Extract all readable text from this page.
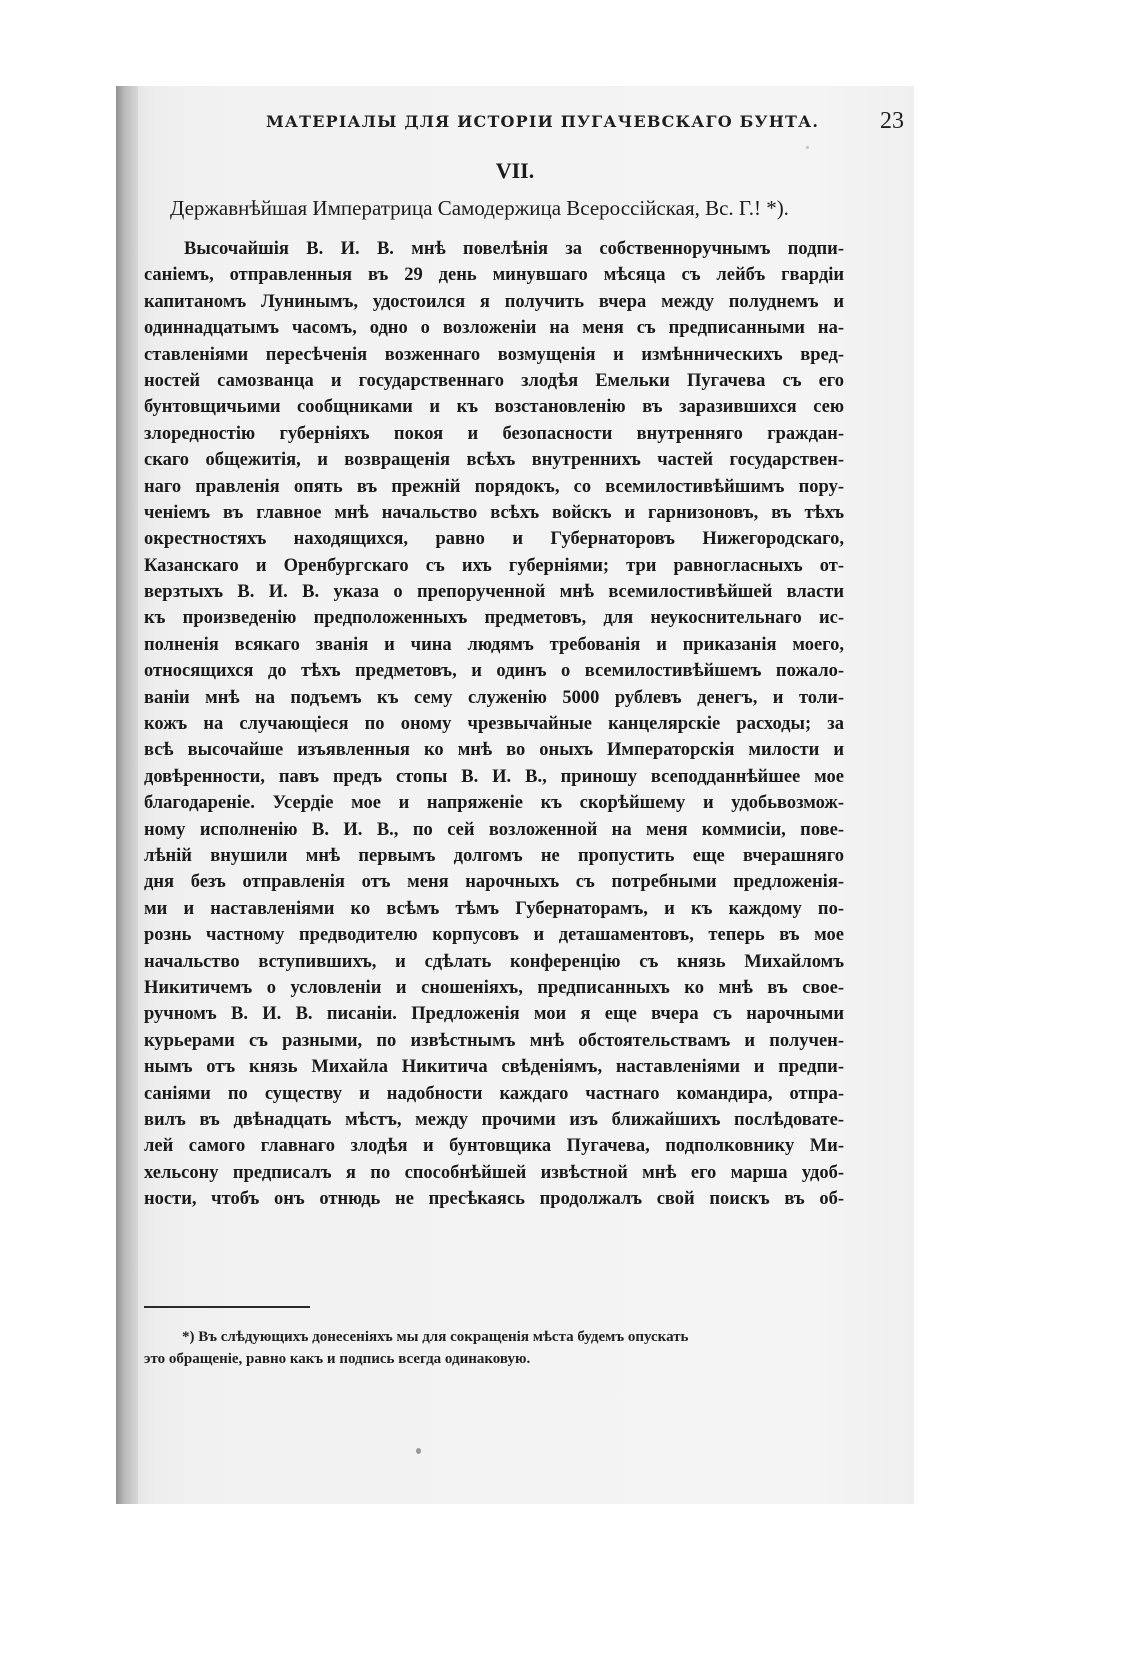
МАТЕРІАЛЫ ДЛЯ ИСТОРІИ ПУГАЧЕВСКАГО БУНТА.	23
VII.
Державнѣйшая Императрица Самодержица Всероссійская, Вс. Г.! *).
Высочайшія В. И. В. мнѣ повелѣнія за собственноручнымъ подпи-
саніемъ, отправленныя въ 29 день минувшаго мѣсяца съ лейбъ гвардіи
капитаномъ Лунинымъ, удостоился я получить вчера между полуднемъ и
одиннадцатымъ часомъ, одно о возложеніи на меня съ предписанными на-
ставленіями пересѣченія возженнаго возмущенія и измѣнническихъ вред-
ностей самозванца и государственнаго злодѣя Емельки Пугачева съ его
бунтовщичьими сообщниками и къ возстановленію въ заразившихся сею
злоредностію губерніяхъ покоя и безопасности внутренняго граждан-
скаго общежитія, и возвращенія всѣхъ внутреннихъ частей государствен-
наго правленія опять въ прежній порядокъ, со всемилостивѣйшимъ пору-
ченіемъ въ главное мнѣ начальство всѣхъ войскъ и гарнизоновъ, въ тѣхъ
окрестностяхъ находящихся, равно и Губернаторовъ Нижегородскаго,
Казанскаго и Оренбургскаго съ ихъ губерніями; три равногласныхъ от-
верзтыхъ В. И. В. указа о препорученной мнѣ всемилостивѣйшей власти
къ произведенію предположенныхъ предметовъ, для неукоснительнаго ис-
полненія всякаго званія и чина людямъ требованія и приказанія моего,
относящихся до тѣхъ предметовъ, и одинъ о всемилостивѣйшемъ пожало-
ваніи мнѣ на подъемъ къ сему служенію 5000 рублевъ денегъ, и толи-
кожъ на случающіеся по оному чрезвычайные канцелярскіе расходы; за
всѣ высочайше изъявленныя ко мнѣ во оныхъ Императорскія милости и
довѣренности, павъ предъ стопы В. И. В., приношу всеподданнѣйшее мое
благодареніе. Усердіе мое и напряженіе къ скорѣйшему и удобьвозмож-
ному исполненію В. И. В., по сей возложенной на меня коммисіи, пове-
лѣній внушили мнѣ первымъ долгомъ не пропустить еще вчерашняго
дня безъ отправленія отъ меня нарочныхъ съ потребными предложенія-
ми и наставленіями ко всѣмъ тѣмъ Губернаторамъ, и къ каждому по-
рознь частному предводителю корпусовъ и деташаментовъ, теперь въ мое
начальство вступившихъ, и сдѣлать конференцію съ князь Михайломъ
Никитичемъ о условленіи и сношеніяхъ, предписанныхъ ко мнѣ въ свое-
ручномъ В. И. В. писаніи. Предложенія мои я еще вчера съ нарочными
курьерами съ разными, по извѣстнымъ мнѣ обстоятельствамъ и получен-
нымъ отъ князь Михайла Никитича свѣденіямъ, наставленіями и предпи-
саніями по существу и надобности каждаго частнаго командира, отпра-
вилъ въ двѣнадцать мѣстъ, между прочими изъ ближайшихъ послѣдовате-
лей самого главнаго злодѣя и бунтовщика Пугачева, подполковнику Ми-
хельсону предписалъ я по способнѣйшей извѣстной мнѣ его марша удоб-
ности, чтобъ онъ отнюдь не пресѣкаясь продолжалъ свой поискъ въ об-
*) Въ слѣдующихъ донесеніяхъ мы для сокращенія мѣста будемъ опускать
это обращеніе, равно какъ и подпись всегда одинаковую.
